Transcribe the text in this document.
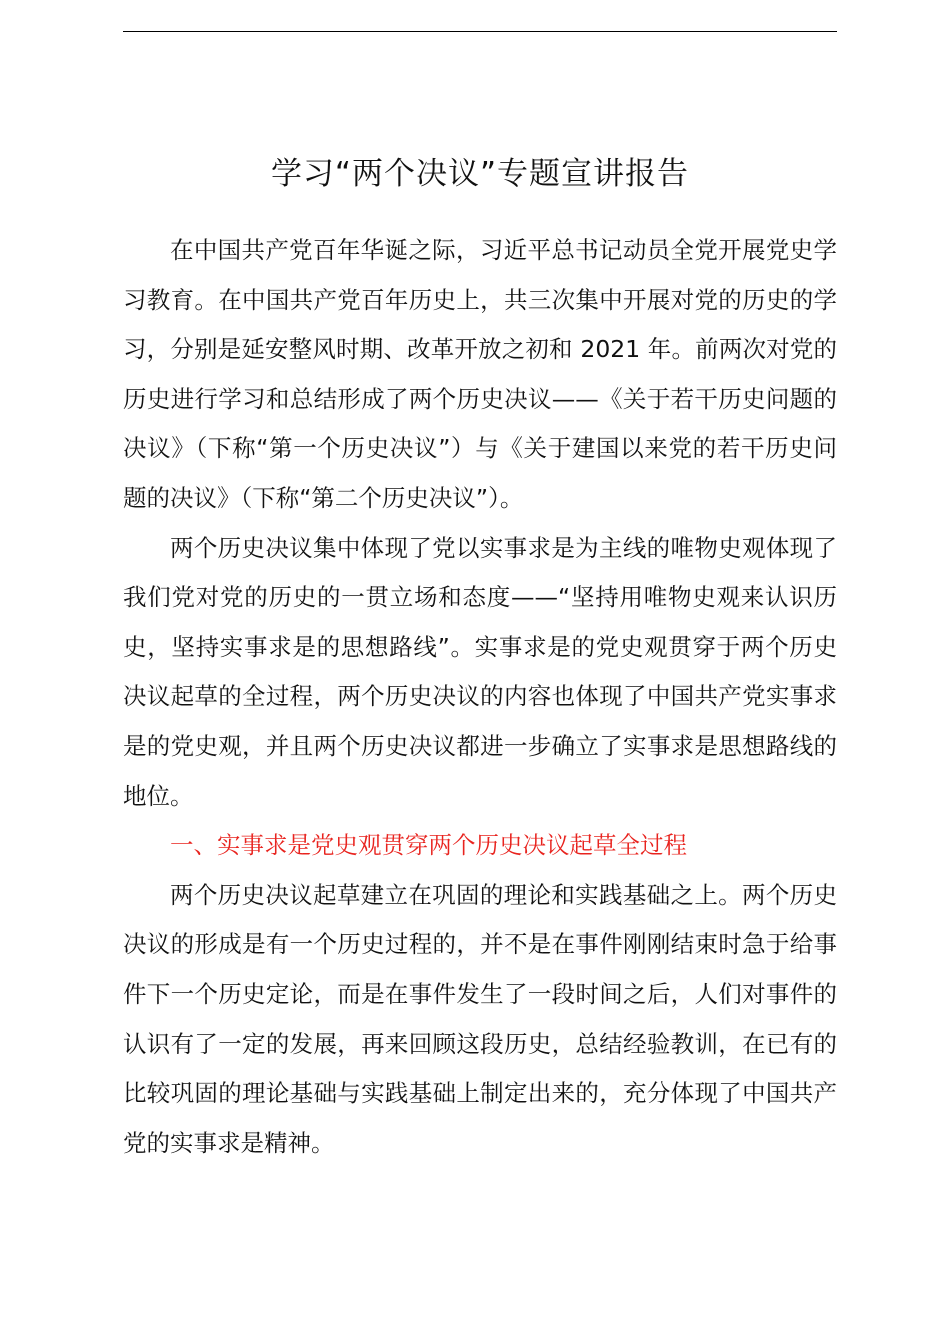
学习“两个决议”专题宣讲报告

在中国共产党百年华诞之际，习近平总书记动员全党开展党史学习教育。在中国共产党百年历史上，共三次集中开展对党的历史的学习，分别是延安整风时期、改革开放之初和 2021 年。前两次对党的历史进行学习和总结形成了两个历史决议——《关于若干历史问题的决议》（下称“第一个历史决议”）与《关于建国以来党的若干历史问题的决议》（下称“第二个历史决议”）。

两个历史决议集中体现了党以实事求是为主线的唯物史观体现了我们党对党的历史的一贯立场和态度——“坚持用唯物史观来认识历史，坚持实事求是的思想路线”。实事求是的党史观贯穿于两个历史决议起草的全过程，两个历史决议的内容也体现了中国共产党实事求是的党史观，并且两个历史决议都进一步确立了实事求是思想路线的地位。

一、实事求是党史观贯穿两个历史决议起草全过程

两个历史决议起草建立在巩固的理论和实践基础之上。两个历史决议的形成是有一个历史过程的，并不是在事件刚刚结束时急于给事件下一个历史定论，而是在事件发生了一段时间之后，人们对事件的认识有了一定的发展，再来回顾这段历史，总结经验教训，在已有的比较巩固的理论基础与实践基础上制定出来的，充分体现了中国共产党的实事求是精神。
